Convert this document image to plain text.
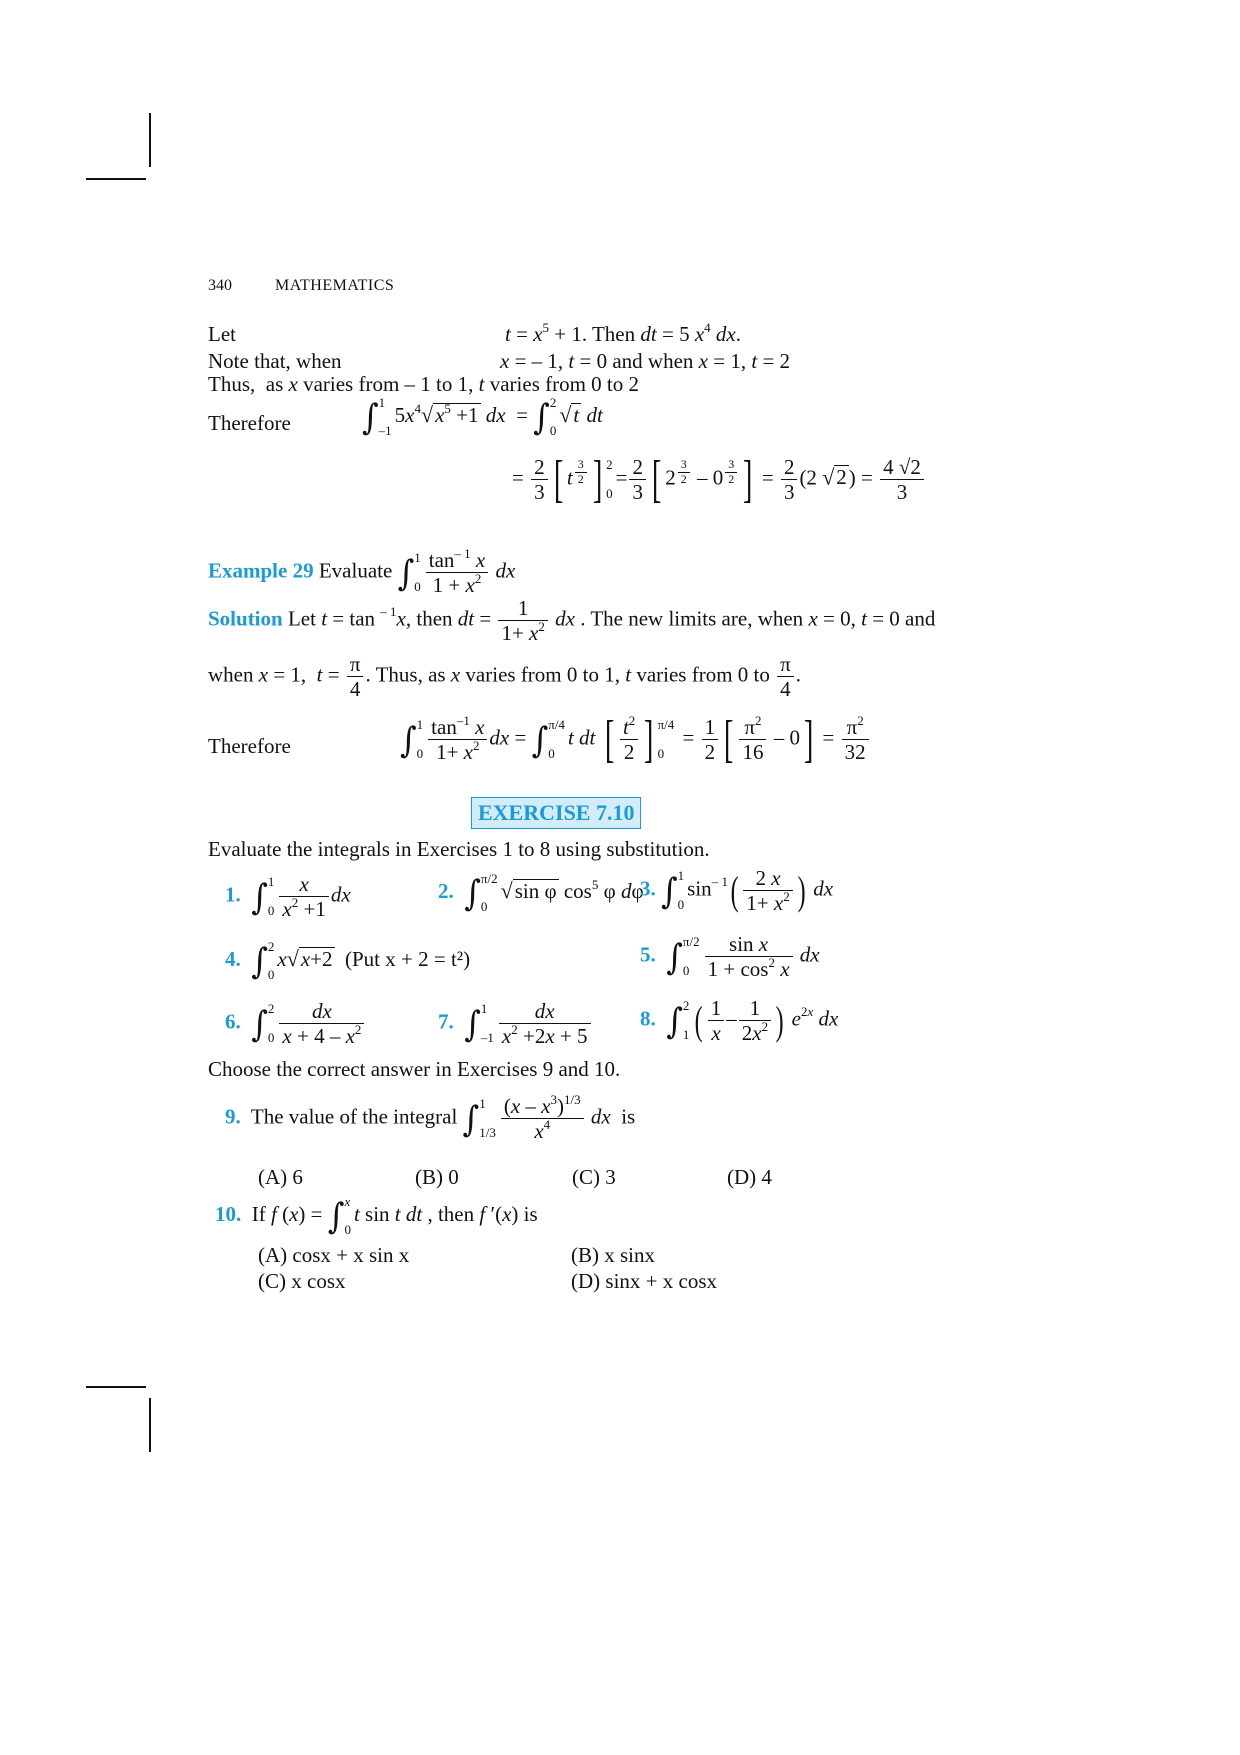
340	MATHEMATICS
Let	$t = x^5 + 1$. Then dt = 5 $x^4$ dx.
Note that, when	x = – 1, t = 0 and when x = 1, t = 2
Thus,  as x varies from – 1 to 1, t varies from 0 to 2
Therefore ∫ 1
–1
$5x^4√x^5 +1$ dx  = ∫ 2
0
√t dt
= $\frac{2}{3}$ [ t $^{\frac{3}{2}}$ ] 2
0
= $\frac{2}{3}$ [ 2 $^{\frac{3}{2}}$ – 0 $^{\frac{3}{2}}$ ] = $\frac{2}{3} (2$ $√2) = \frac{4 √2}{3}$
Example 29 Evaluate ∫ 1
$0 \frac{\tan^{- 1} x}{1 + x^2}$ dx
Solution Let t = tan $^{- 1}$x, then dt = $\frac{1}{1+ x^2}$ dx . The new limits are, when x = 0, t = 0 and
when x = 1,  $t = \frac{\pi}{4}$ . Thus, as x varies from 0 to 1, t varies from 0 to $\frac{\pi}{4}$ .
Therefore	∫ 1
$0 \frac{\tan^{-1} x}{1+ x^2}$ dx = ∫ π/4
0
t dt [ $\frac{t^2}{2}$ ] π/4
0
= $\frac{1}{2}$ [ $\frac{\pi^2}{16} - 0] = \frac{\pi^2}{32}$
EXERCISE 7.10
Evaluate the integrals in Exercises 1 to 8 using substitution.
1. ∫ 1
$0 \frac{x}{x^2 +1}$ dx	2. ∫ π/2
0
√sin φ $\cos^5 \varphi$ dφ
3. ∫ 1
0
$\sin^{- 1}( \frac{2 x}{1+ x^2}$ ) dx
4. ∫ 2
0
x√x+2 (Put x + 2 = t²)	5. ∫ π/2
$0 \frac{\text{sin x}}{1 + \cos^2 x}$ dx
6. ∫ 2
$0 \frac{dx}{x + 4 - x^2}$	7. ∫ 1
$-1 \frac{dx}{x^2 +2x + 5} 8$. ∫ 2
1 ( $\frac{1}{x} - \frac{1}{2x^2}$ ) $e^{2x}$ dx
Choose the correct answer in Exercises 9 and 10.
9. The value of the integral ∫ 1
$1/3 \frac{(x - x^3)^{1/3}}{x^4}$ dx is
(A) 6	(B) 0	(C) 3	(D) 4
10.  If f (x) = ∫ x
0
t sin t dt , then f ′(x) is
(A) cosx + x sin x	(B) x sinx
(C) x cosx	(D) sinx + x cosx
